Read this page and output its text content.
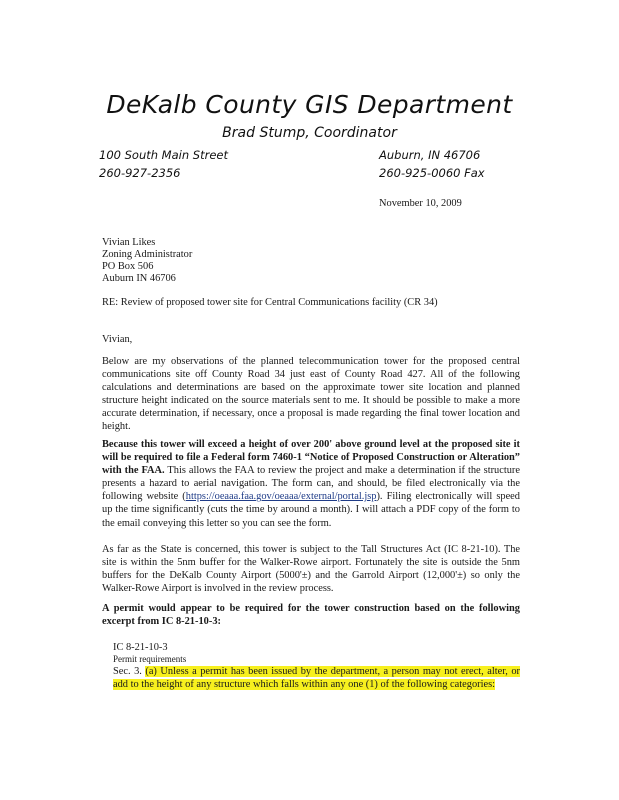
DeKalb County GIS Department
Brad Stump, Coordinator
100 South Main Street	Auburn, IN 46706
260-927-2356	260-925-0060 Fax
November 10, 2009
Vivian Likes
Zoning Administrator
PO Box 506
Auburn IN 46706
RE: Review of proposed tower site for Central Communications facility (CR 34)
Vivian,
Below are my observations of the planned telecommunication tower for the proposed central communications site off County Road 34 just east of County Road 427. All of the following calculations and determinations are based on the approximate tower site location and planned structure height indicated on the source materials sent to me. It should be possible to make a more accurate determination, if necessary, once a proposal is made regarding the final tower location and height.
Because this tower will exceed a height of over 200' above ground level at the proposed site it will be required to file a Federal form 7460-1 “Notice of Proposed Construction or Alteration” with the FAA. This allows the FAA to review the project and make a determination if the structure presents a hazard to aerial navigation. The form can, and should, be filed electronically via the following website (https://oeaaa.faa.gov/oeaaa/external/portal.jsp). Filing electronically will speed up the time significantly (cuts the time by around a month). I will attach a PDF copy of the form to the email conveying this letter so you can see the form.
As far as the State is concerned, this tower is subject to the Tall Structures Act (IC 8-21-10). The site is within the 5nm buffer for the Walker-Rowe airport. Fortunately the site is outside the 5nm buffers for the DeKalb County Airport (5000'±) and the Garrold Airport (12,000'±) so only the Walker-Rowe Airport is involved in the review process.
A permit would appear to be required for the tower construction based on the following excerpt from IC 8-21-10-3:
IC 8-21-10-3
Permit requirements
Sec. 3. (a) Unless a permit has been issued by the department, a person may not erect, alter, or add to the height of any structure which falls within any one (1) of the following categories:
